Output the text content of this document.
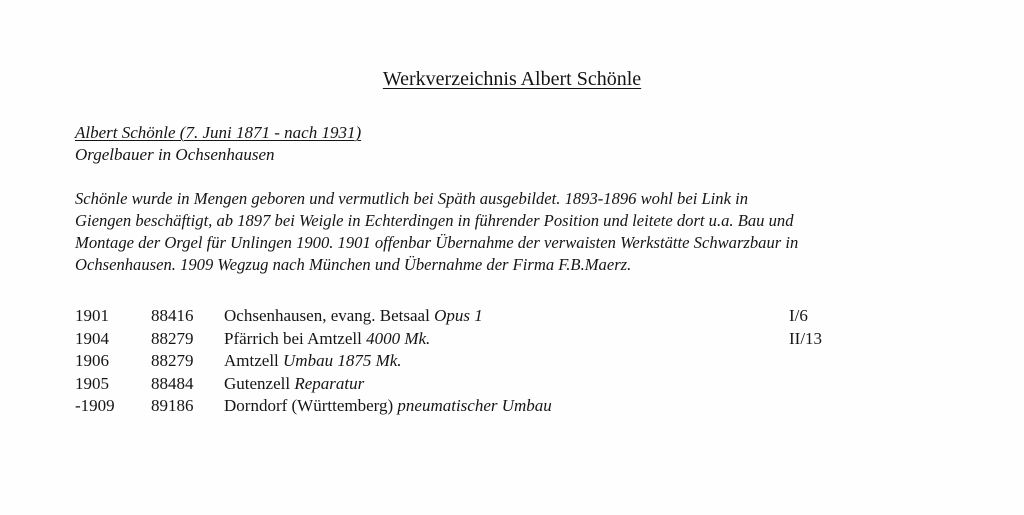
Werkverzeichnis Albert Schönle
Albert Schönle (7. Juni 1871 - nach 1931)
Orgelbauer in Ochsenhausen
Schönle wurde in Mengen geboren und vermutlich bei Späth ausgebildet. 1893-1896 wohl bei Link in
Giengen beschäftigt, ab 1897 bei Weigle in Echterdingen in führender Position und leitete dort u.a. Bau und
Montage der Orgel für Unlingen 1900. 1901 offenbar Übernahme der verwaisten Werkstätte Schwarzbaur in
Ochsenhausen. 1909 Wegzug nach München und Übernahme der Firma F.B.Maerz.
1901 88416 Ochsenhausen, evang. Betsaal Opus 1	I/6
1904 88279 Pfärrich bei Amtzell 4000 Mk.	II/13
1906 88279 Amtzell Umbau 1875 Mk.
1905 88484 Gutenzell Reparatur
-1909 89186 Dorndorf (Württemberg) pneumatischer Umbau
